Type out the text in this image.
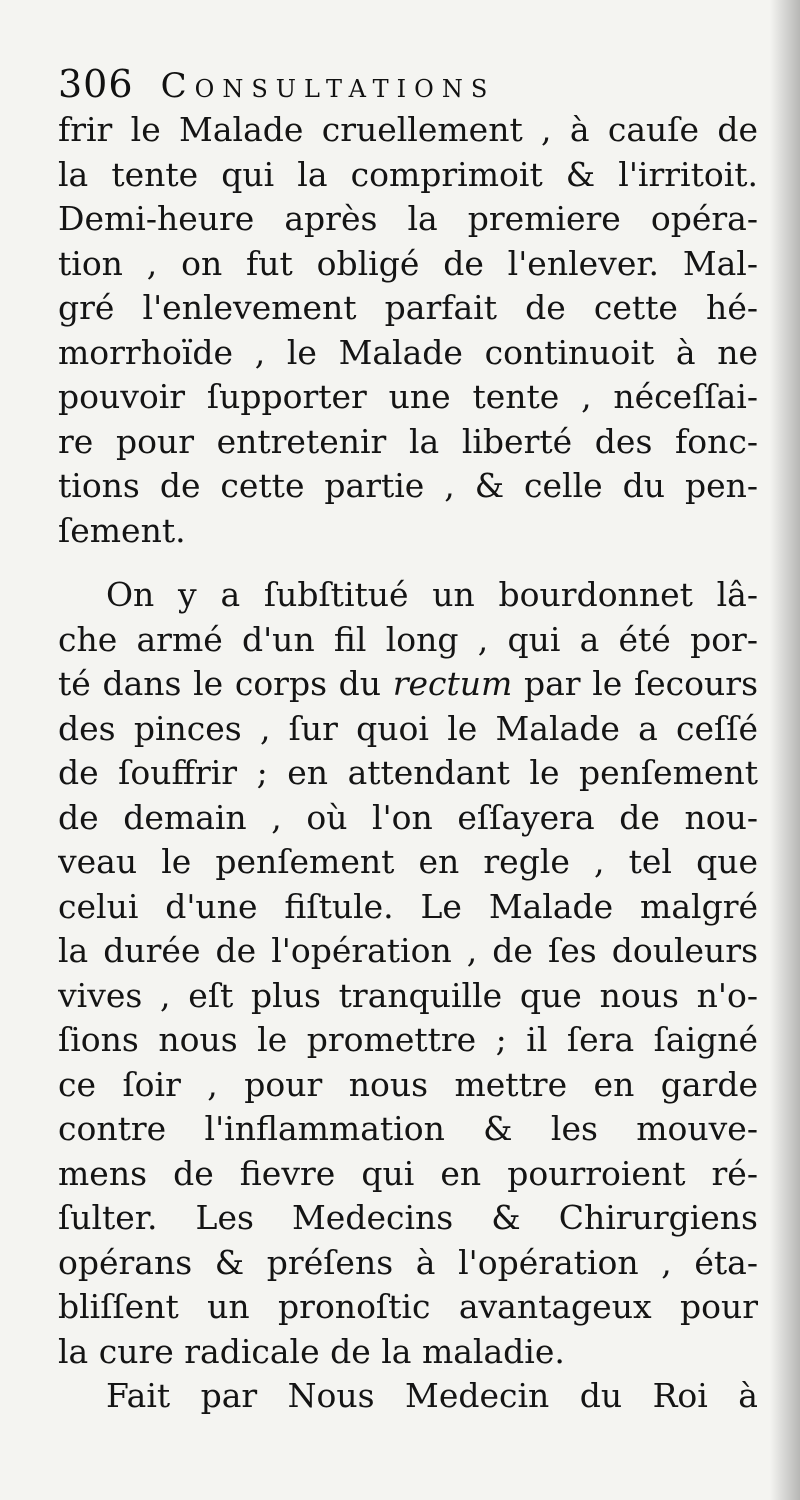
306 Consultations
frir le Malade cruellement , à cauſe de
la tente qui la comprimoit & l'irritoit.
Demi-heure après la premiere opéra-
tion , on fut obligé de l'enlever. Mal-
gré l'enlevement parfait de cette hé-
morrhoïde , le Malade continuoit à ne
pouvoir ſupporter une tente , néceſſai-
re pour entretenir la liberté des fonc-
tions de cette partie , & celle du pen-
ſement.
On y a ſubſtitué un bourdonnet lâ-
che armé d'un fil long , qui a été por-
té dans le corps du rectum par le ſecours
des pinces , ſur quoi le Malade a ceſſé
de ſouffrir ; en attendant le penſement
de demain , où l'on eſſayera de nou-
veau le penſement en regle , tel que
celui d'une fiſtule. Le Malade malgré
la durée de l'opération , de ſes douleurs
vives , eſt plus tranquille que nous n'o-
ſions nous le promettre ; il ſera ſaigné
ce ſoir , pour nous mettre en garde
contre l'inflammation & les mouve-
mens de fievre qui en pourroient ré-
ſulter. Les Medecins & Chirurgiens
opérans & préſens à l'opération , éta-
bliſſent un pronoſtic avantageux pour
la cure radicale de la maladie.
Fait par Nous Medecin du Roi à
